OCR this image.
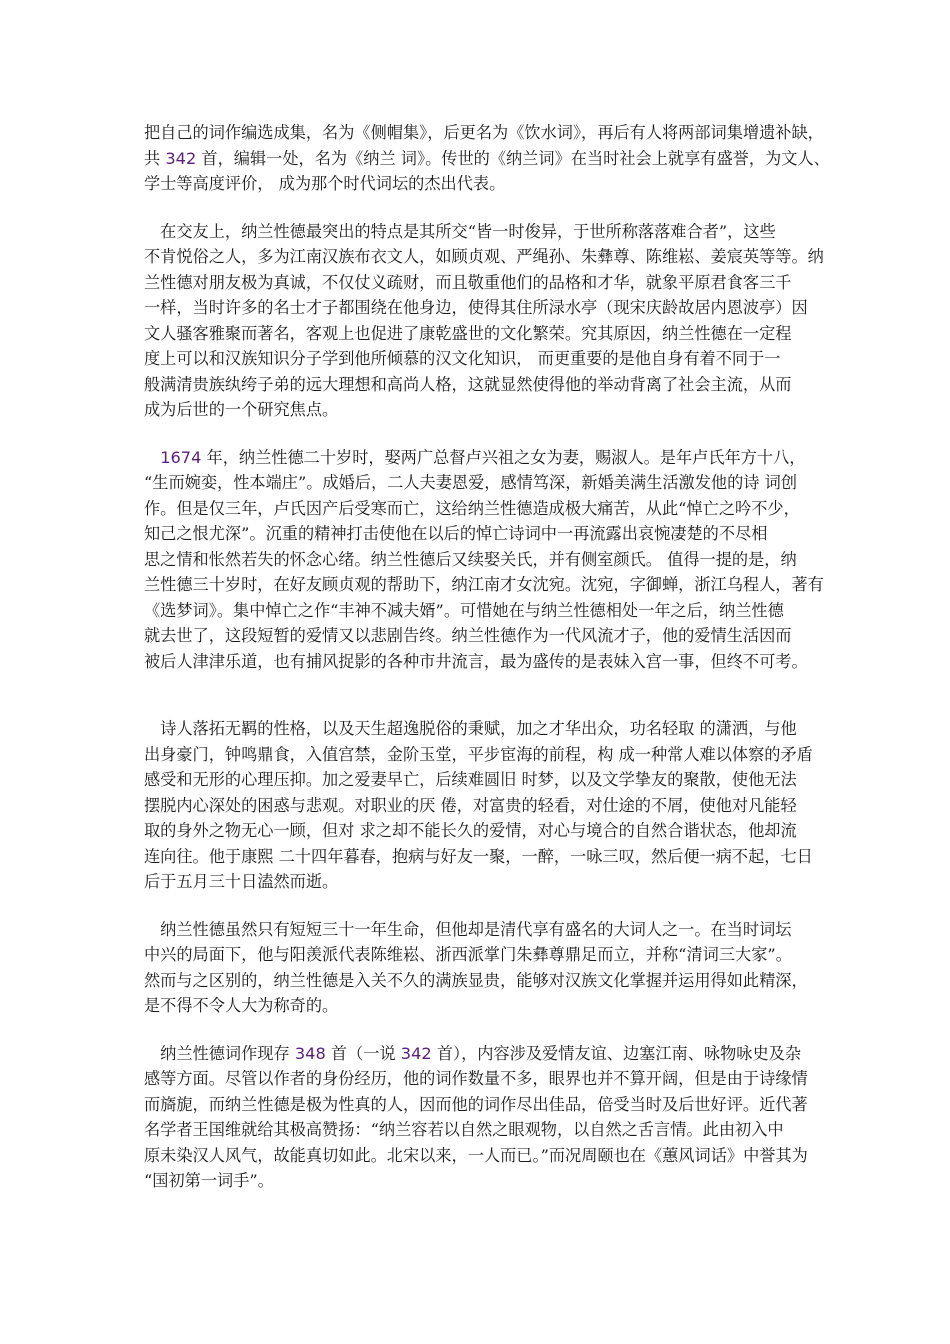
把自己的词作编选成集，名为《侧帽集》，后更名为《饮水词》，再后有人将两部词集增遗补缺，
共 342 首，编辑一处，名为《纳兰 词》。传世的《纳兰词》在当时社会上就享有盛誉，为文人、
学士等高度评价， 成为那个时代词坛的杰出代表。
　在交友上，纳兰性德最突出的特点是其所交“皆一时俊异，于世所称落落难合者”，这些
不肯悦俗之人，多为江南汉族布衣文人，如顾贞观、严绳孙、朱彝尊、陈维崧、姜宸英等等。纳
兰性德对朋友极为真诚，不仅仗义疏财，而且敬重他们的品格和才华，就象平原君食客三千
一样，当时许多的名士才子都围绕在他身边，使得其住所渌水亭（现宋庆龄故居内恩波亭）因
文人骚客雅聚而著名，客观上也促进了康乾盛世的文化繁荣。究其原因，纳兰性德在一定程
度上可以和汉族知识分子学到他所倾慕的汉文化知识， 而更重要的是他自身有着不同于一
般满清贵族纨绔子弟的远大理想和高尚人格，这就显然使得他的举动背离了社会主流，从而
成为后世的一个研究焦点。
　1674 年，纳兰性德二十岁时，娶两广总督卢兴祖之女为妻，赐淑人。是年卢氏年方十八，
“生而婉娈，性本端庄”。成婚后，二人夫妻恩爱，感情笃深，新婚美满生活激发他的诗 词创
作。但是仅三年，卢氏因产后受寒而亡，这给纳兰性德造成极大痛苦，从此“悼亡之吟不少，
知己之恨尤深”。沉重的精神打击使他在以后的悼亡诗词中一再流露出哀惋凄楚的不尽相
思之情和怅然若失的怀念心绪。纳兰性德后又续娶关氏，并有侧室颜氏。 值得一提的是，纳
兰性德三十岁时，在好友顾贞观的帮助下，纳江南才女沈宛。沈宛，字御蝉，浙江乌程人，著有
《选梦词》。集中悼亡之作“丰神不减夫婿”。可惜她在与纳兰性德相处一年之后，纳兰性德
就去世了，这段短暂的爱情又以悲剧告终。纳兰性德作为一代风流才子，他的爱情生活因而
被后人津津乐道，也有捕风捉影的各种市井流言，最为盛传的是表妹入宫一事，但终不可考。
　诗人落拓无羁的性格，以及天生超逸脱俗的秉赋，加之才华出众，功名轻取 的潇洒，与他
出身豪门，钟鸣鼎食，入值宫禁，金阶玉堂，平步宦海的前程，构 成一种常人难以体察的矛盾
感受和无形的心理压抑。加之爱妻早亡，后续难圆旧 时梦，以及文学挚友的聚散，使他无法
摆脱内心深处的困惑与悲观。对职业的厌 倦，对富贵的轻看，对仕途的不屑，使他对凡能轻
取的身外之物无心一顾，但对 求之却不能长久的爱情，对心与境合的自然合谐状态，他却流
连向往。他于康熙 二十四年暮春，抱病与好友一聚，一醉，一咏三叹，然后便一病不起，七日
后于五月三十日溘然而逝。
　纳兰性德虽然只有短短三十一年生命，但他却是清代享有盛名的大词人之一。在当时词坛
中兴的局面下，他与阳羡派代表陈维崧、浙西派掌门朱彝尊鼎足而立，并称“清词三大家”。
然而与之区别的，纳兰性德是入关不久的满族显贵，能够对汉族文化掌握并运用得如此精深，
是不得不令人大为称奇的。
　纳兰性德词作现存 348 首（一说 342 首），内容涉及爱情友谊、边塞江南、咏物咏史及杂
感等方面。尽管以作者的身份经历，他的词作数量不多，眼界也并不算开阔，但是由于诗缘情
而旖旎，而纳兰性德是极为性真的人，因而他的词作尽出佳品，倍受当时及后世好评。近代著
名学者王国维就给其极高赞扬：“纳兰容若以自然之眼观物，以自然之舌言情。此由初入中
原未染汉人风气，故能真切如此。北宋以来，一人而已。”而况周颐也在《蕙风词话》中誉其为
“国初第一词手”。
